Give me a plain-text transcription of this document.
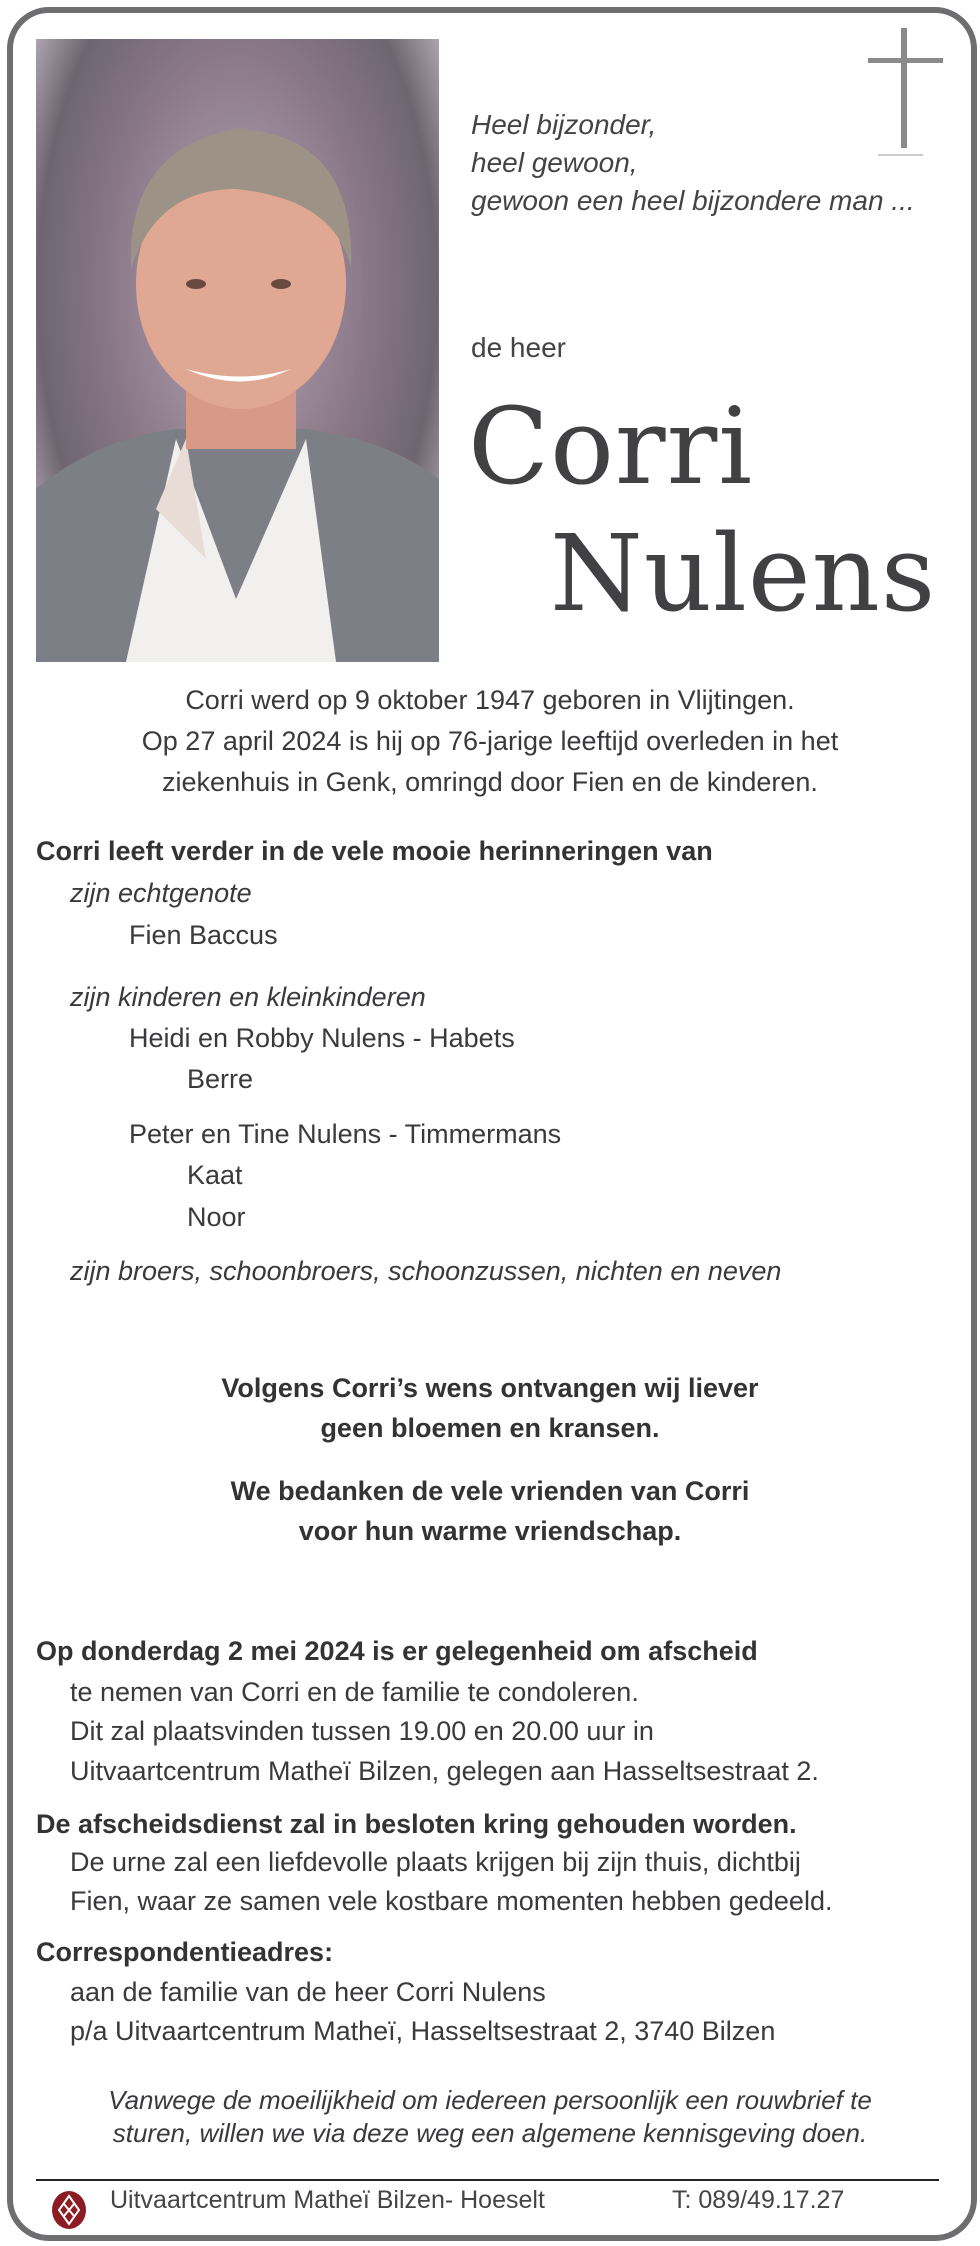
Heel bijzonder,
heel gewoon,
gewoon een heel bijzondere man ...
de heer
Corri
Nulens
Corri werd op 9 oktober 1947 geboren in Vlijtingen.
Op 27 april 2024 is hij op 76-jarige leeftijd overleden in het
ziekenhuis in Genk, omringd door Fien en de kinderen.
Corri leeft verder in de vele mooie herinneringen van
zijn echtgenote
Fien Baccus
zijn kinderen en kleinkinderen
Heidi en Robby Nulens - Habets
Berre
Peter en Tine Nulens - Timmermans
Kaat
Noor
zijn broers, schoonbroers, schoonzussen, nichten en neven
Volgens Corri’s wens ontvangen wij liever
geen bloemen en kransen.
We bedanken de vele vrienden van Corri
voor hun warme vriendschap.
Op donderdag 2 mei 2024 is er gelegenheid om afscheid
te nemen van Corri en de familie te condoleren.
Dit zal plaatsvinden tussen 19.00 en 20.00 uur in
Uitvaartcentrum Matheï Bilzen, gelegen aan Hasseltsestraat 2.
De afscheidsdienst zal in besloten kring gehouden worden.
De urne zal een liefdevolle plaats krijgen bij zijn thuis, dichtbij
Fien, waar ze samen vele kostbare momenten hebben gedeeld.
Correspondentieadres:
aan de familie van de heer Corri Nulens
p/a Uitvaartcentrum Matheï, Hasseltsestraat 2, 3740 Bilzen
Vanwege de moeilijkheid om iedereen persoonlijk een rouwbrief te
sturen, willen we via deze weg een algemene kennisgeving doen.
Uitvaartcentrum Matheï Bilzen- Hoeselt	T: 089/49.17.27
